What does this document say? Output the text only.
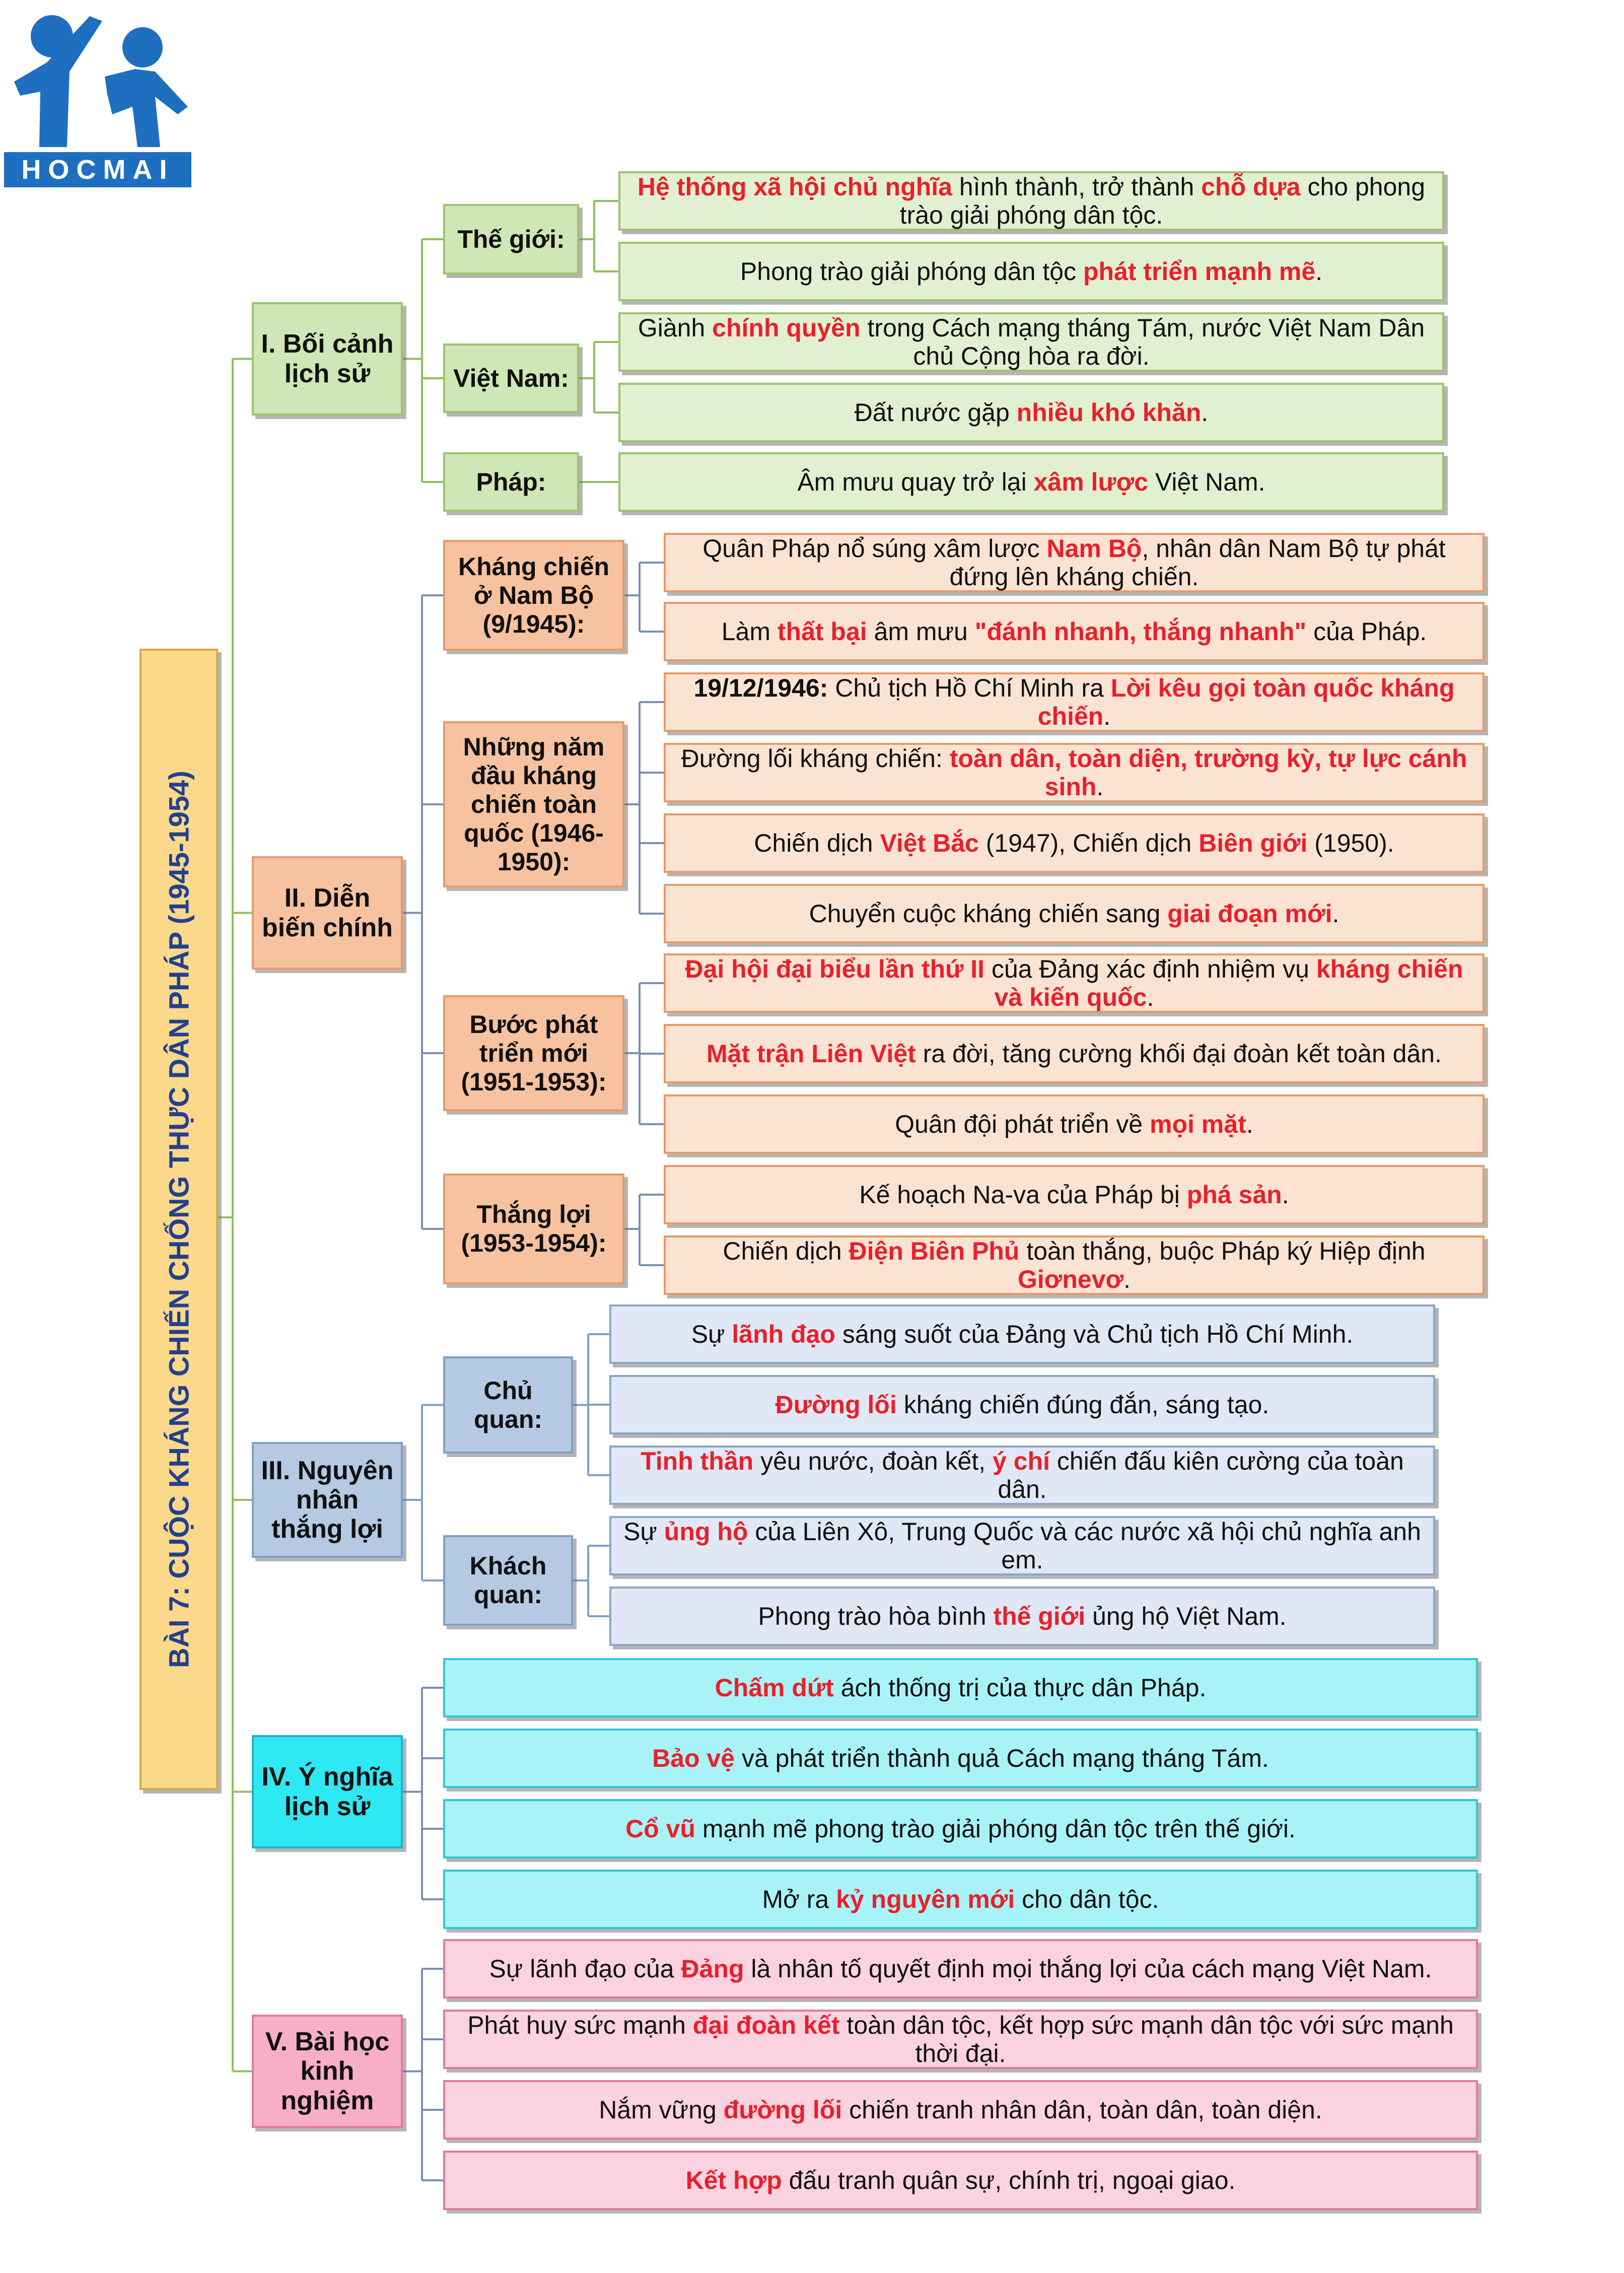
HOCMAI
BÀI 7: CUỘC KHÁNG CHIẾN CHỐNG THỰC DÂN PHÁP (1945-1954)
I. Bối cảnh lịch sử
Thế giới:
Hệ thống xã hội chủ nghĩa hình thành, trở thành chỗ dựa cho phong trào giải phóng dân tộc.
Phong trào giải phóng dân tộc phát triển mạnh mẽ.
Việt Nam:
Giành chính quyền trong Cách mạng tháng Tám, nước Việt Nam Dân chủ Cộng hòa ra đời.
Đất nước gặp nhiều khó khăn.
Pháp:	Âm mưu quay trở lại xâm lược Việt Nam.
II. Diễn biến chính
Kháng chiến ở Nam Bộ (9/1945):
Quân Pháp nổ súng xâm lược Nam Bộ, nhân dân Nam Bộ tự phát đứng lên kháng chiến.
Làm thất bại âm mưu "đánh nhanh, thắng nhanh" của Pháp.
Những năm đầu kháng chiến toàn quốc (1946-1950):
19/12/1946: Chủ tịch Hồ Chí Minh ra Lời kêu gọi toàn quốc kháng chiến.
Đường lối kháng chiến: toàn dân, toàn diện, trường kỳ, tự lực cánh sinh.
Chiến dịch Việt Bắc (1947), Chiến dịch Biên giới (1950).
Chuyển cuộc kháng chiến sang giai đoạn mới.
Bước phát triển mới (1951-1953):
Đại hội đại biểu lần thứ II của Đảng xác định nhiệm vụ kháng chiến và kiến quốc.
Mặt trận Liên Việt ra đời, tăng cường khối đại đoàn kết toàn dân.
Quân đội phát triển về mọi mặt.
Thắng lợi (1953-1954):
Kế hoạch Na-va của Pháp bị phá sản.
Chiến dịch Điện Biên Phủ toàn thắng, buộc Pháp ký Hiệp định Giơnevơ.
III. Nguyên nhân thắng lợi
Chủ quan:
Sự lãnh đạo sáng suốt của Đảng và Chủ tịch Hồ Chí Minh.
Đường lối kháng chiến đúng đắn, sáng tạo.
Tinh thần yêu nước, đoàn kết, ý chí chiến đấu kiên cường của toàn dân.
Khách quan:
Sự ủng hộ của Liên Xô, Trung Quốc và các nước xã hội chủ nghĩa anh em.
Phong trào hòa bình thế giới ủng hộ Việt Nam.
IV. Ý nghĩa lịch sử
Chấm dứt ách thống trị của thực dân Pháp.
Bảo vệ và phát triển thành quả Cách mạng tháng Tám.
Cổ vũ mạnh mẽ phong trào giải phóng dân tộc trên thế giới.
Mở ra kỷ nguyên mới cho dân tộc.
V. Bài học kinh nghiệm
Sự lãnh đạo của Đảng là nhân tố quyết định mọi thắng lợi của cách mạng Việt Nam.
Phát huy sức mạnh đại đoàn kết toàn dân tộc, kết hợp sức mạnh dân tộc với sức mạnh thời đại.
Nắm vững đường lối chiến tranh nhân dân, toàn dân, toàn diện.
Kết hợp đấu tranh quân sự, chính trị, ngoại giao.
